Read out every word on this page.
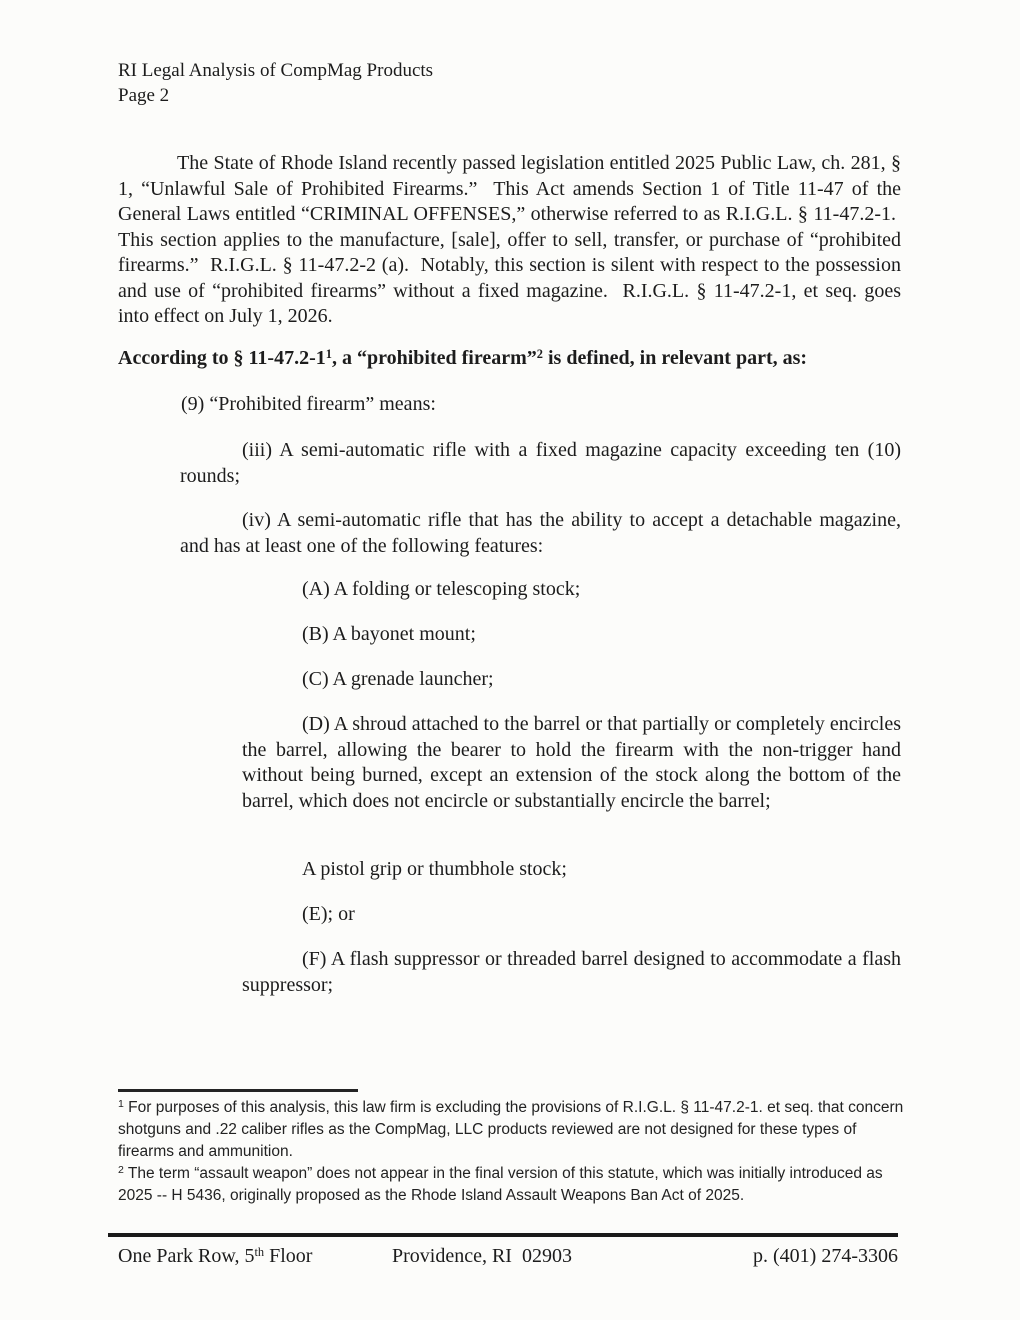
RI Legal Analysis of CompMag Products
Page 2

The State of Rhode Island recently passed legislation entitled 2025 Public Law, ch. 281, § 1, “Unlawful Sale of Prohibited Firearms.”  This Act amends Section 1 of Title 11-47 of the General Laws entitled “CRIMINAL OFFENSES,” otherwise referred to as R.I.G.L. § 11-47.2-1.  This section applies to the manufacture, [sale], offer to sell, transfer, or purchase of “prohibited firearms.”  R.I.G.L. § 11-47.2-2 (a).  Notably, this section is silent with respect to the possession and use of “prohibited firearms” without a fixed magazine.  R.I.G.L. § 11-47.2-1, et seq. goes into effect on July 1, 2026.

According to § $11-47.2-1^1$, a “prohibited firearm”$^2$ is defined, in relevant part, as:

(9) “Prohibited firearm” means:

(iii) A semi-automatic rifle with a fixed magazine capacity exceeding ten (10) rounds;

(iv) A semi-automatic rifle that has the ability to accept a detachable magazine, and has at least one of the following features:

(A) A folding or telescoping stock;

(B) A bayonet mount;

(C) A grenade launcher;

(D) A shroud attached to the barrel or that partially or completely encircles the barrel, allowing the bearer to hold the firearm with the non-trigger hand without being burned, except an extension of the stock along the bottom of the barrel, which does not encircle or substantially encircle the barrel;

A pistol grip or thumbhole stock;

(E); or

(F) A flash suppressor or threaded barrel designed to accommodate a flash suppressor;

$^1$ For purposes of this analysis, this law firm is excluding the provisions of R.I.G.L. § 11-47.2-1. et seq. that concern shotguns and .22 caliber rifles as the CompMag, LLC products reviewed are not designed for these types of firearms and ammunition.

$^2$ The term “assault weapon” does not appear in the final version of this statute, which was initially introduced as 2025 -- H 5436, originally proposed as the Rhode Island Assault Weapons Ban Act of 2025.

One Park Row, 5th Floor	Providence, RI  02903	p. (401) 274-3306
